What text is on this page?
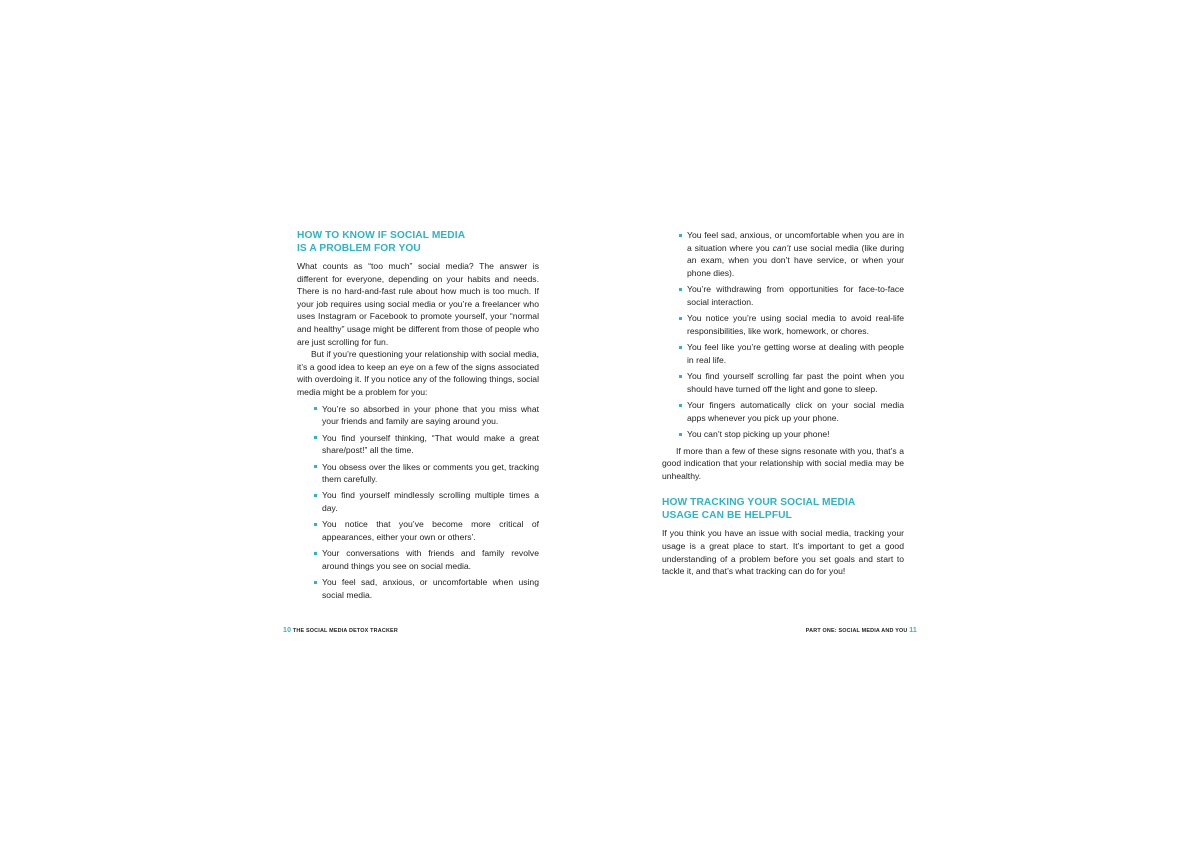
HOW TO KNOW IF SOCIAL MEDIA
IS A PROBLEM FOR YOU

What counts as “too much” social media? The answer is different for everyone, depending on your habits and needs. There is no hard-and-fast rule about how much is too much. If your job requires using social media or you’re a freelancer who uses Instagram or Facebook to promote yourself, your “normal and healthy” usage might be different from those of people who are just scrolling for fun.

But if you’re questioning your relationship with social media, it’s a good idea to keep an eye on a few of the signs associated with overdoing it. If you notice any of the following things, social media might be a problem for you:

You’re so absorbed in your phone that you miss what your friends and family are saying around you.
You find yourself thinking, “That would make a great share/post!” all the time.
You obsess over the likes or comments you get, tracking them carefully.
You find yourself mindlessly scrolling multiple times a day.
You notice that you’ve become more critical of appearances, either your own or others’.
Your conversations with friends and family revolve around things you see on social media.
You feel sad, anxious, or uncomfortable when using social media.
10 THE SOCIAL MEDIA DETOX TRACKER
You feel sad, anxious, or uncomfortable when you are in a situation where you can’t use social media (like during an exam, when you don’t have service, or when your phone dies).
You’re withdrawing from opportunities for face-to-face social interaction.
You notice you’re using social media to avoid real-life responsibilities, like work, homework, or chores.
You feel like you’re getting worse at dealing with people in real life.
You find yourself scrolling far past the point when you should have turned off the light and gone to sleep.
Your fingers automatically click on your social media apps whenever you pick up your phone.
You can’t stop picking up your phone!

If more than a few of these signs resonate with you, that’s a good indication that your relationship with social media may be unhealthy.

HOW TRACKING YOUR SOCIAL MEDIA
USAGE CAN BE HELPFUL

If you think you have an issue with social media, tracking your usage is a great place to start. It’s important to get a good understanding of a problem before you set goals and start to tackle it, and that’s what tracking can do for you!

PART ONE: SOCIAL MEDIA AND YOU 11
